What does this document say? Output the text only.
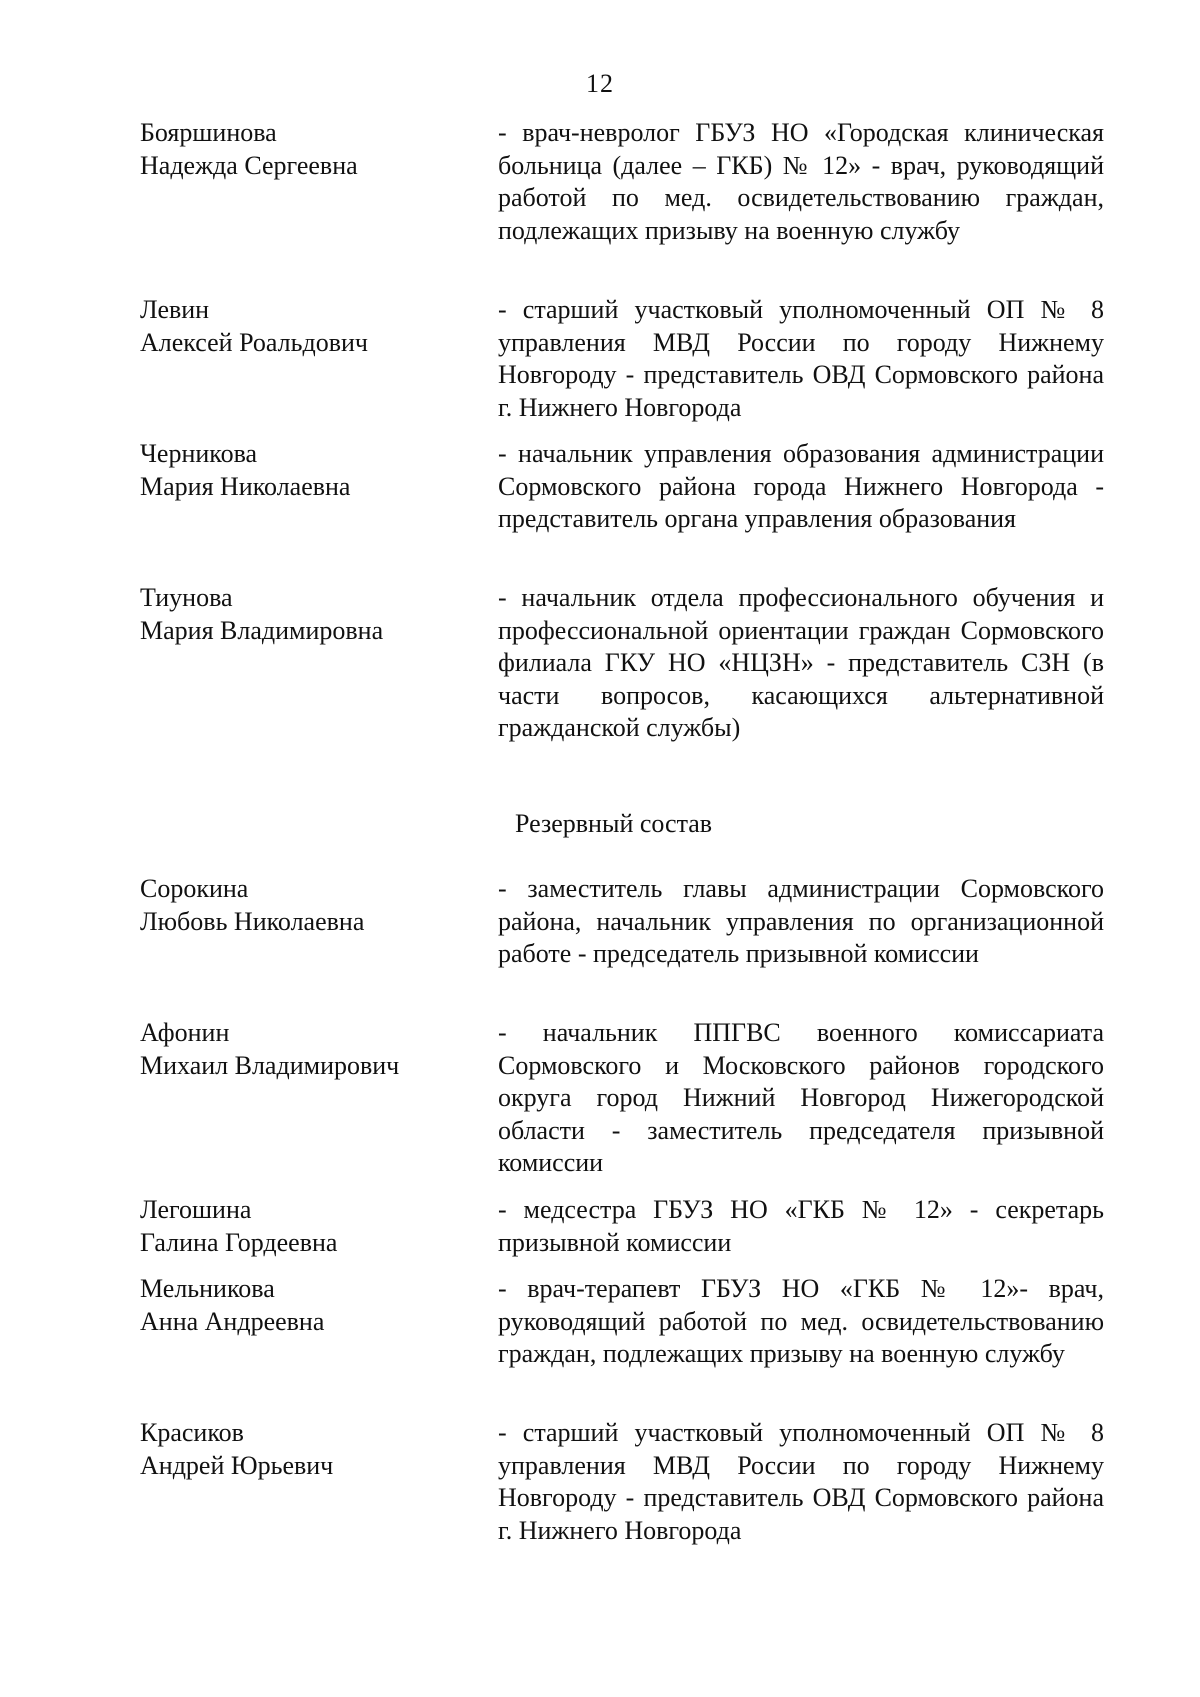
12
Бояршинова
Надежда Сергеевна
- врач-невролог ГБУЗ НО «Городская клиническая больница (далее – ГКБ) № 12» - врач, руководящий работой по мед. освидетельствованию граждан, подлежащих призыву на военную службу
Левин
Алексей Роальдович
- старший участковый уполномоченный ОП № 8 управления МВД России по городу Нижнему Новгороду - представитель ОВД Сормовского района г. Нижнего Новгорода
Черникова
Мария Николаевна
- начальник управления образования администрации Сормовского района города Нижнего Новгорода - представитель органа управления образования
Тиунова
Мария Владимировна
- начальник отдела профессионального обучения и профессиональной ориентации граждан Сормовского филиала ГКУ НО «НЦЗН» - представитель СЗН (в части вопросов, касающихся альтернативной гражданской службы)
Резервный состав
Сорокина
Любовь Николаевна
- заместитель главы администрации Сормовского района, начальник управления по организационной работе - председатель призывной комиссии
Афонин
Михаил Владимирович
- начальник ППГВС военного комиссариата Сормовского и Московского районов городского округа город Нижний Новгород Нижегородской области - заместитель председателя призывной комиссии
Легошина
Галина Гордеевна
- медсестра ГБУЗ НО «ГКБ № 12» - секретарь призывной комиссии
Мельникова
Анна Андреевна
- врач-терапевт ГБУЗ НО «ГКБ № 12»- врач, руководящий работой по мед. освидетельствованию граждан, подлежащих призыву на военную службу
Красиков
Андрей Юрьевич
- старший участковый уполномоченный ОП № 8 управления МВД России по городу Нижнему Новгороду - представитель ОВД Сормовского района г. Нижнего Новгорода
